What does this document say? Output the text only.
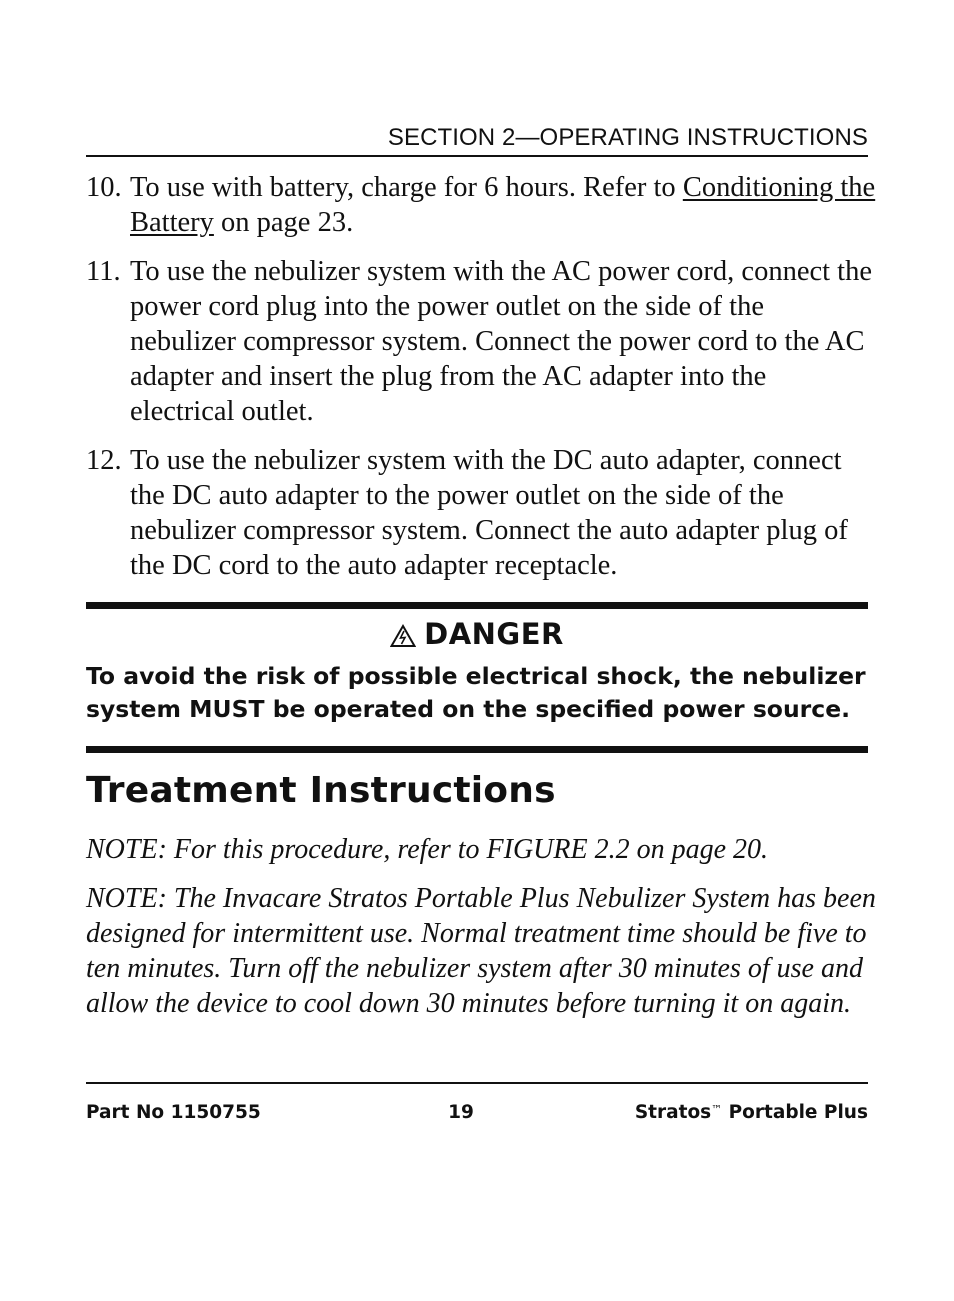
SECTION 2—OPERATING INSTRUCTIONS
10. To use with battery, charge for 6 hours. Refer to Conditioning the Battery on page 23.
11. To use the nebulizer system with the AC power cord, connect the power cord plug into the power outlet on the side of the nebulizer compressor system. Connect the power cord to the AC adapter and insert the plug from the AC adapter into the electrical outlet.
12. To use the nebulizer system with the DC auto adapter, connect the DC auto adapter to the power outlet on the side of the nebulizer compressor system. Connect the auto adapter plug of the DC cord to the auto adapter receptacle.
DANGER
To avoid the risk of possible electrical shock, the nebulizer system MUST be operated on the specified power source.
Treatment Instructions

NOTE: For this procedure, refer to FIGURE 2.2 on page 20.

NOTE: The Invacare Stratos Portable Plus Nebulizer System has been designed for intermittent use. Normal treatment time should be five to ten minutes. Turn off the nebulizer system after 30 minutes of use and allow the device to cool down 30 minutes before turning it on again.

Part No 1150755	19	Stratos™ Portable Plus
